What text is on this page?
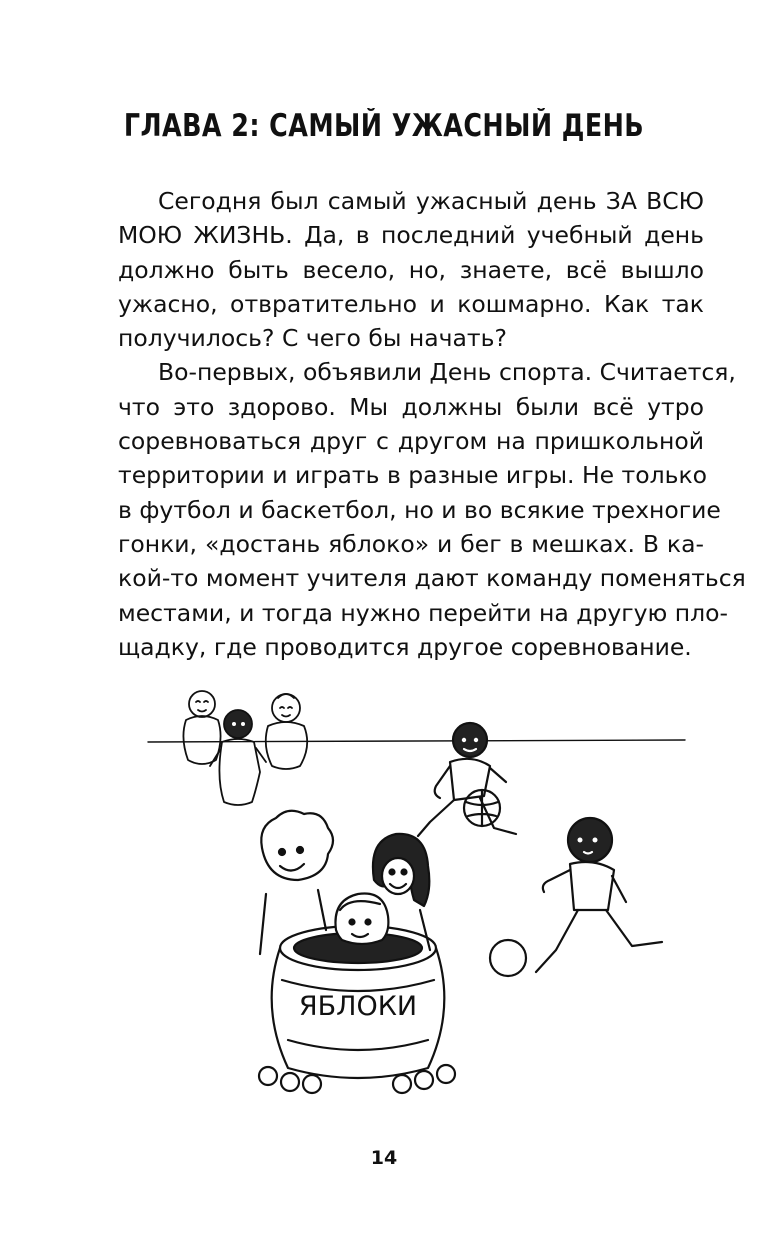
ГЛАВА 2: САМЫЙ УЖАСНЫЙ ДЕНЬ
Сегодня был самый ужасный день ЗА ВСЮ
МОЮ ЖИЗНЬ. Да, в последний учебный день
должно быть весело, но, знаете, всё вышло
ужасно, отвратительно и кошмарно. Как так
получилось? С чего бы начать?
Во-первых, объявили День спорта. Считается,
что это здорово. Мы должны были всё утро
соревноваться друг с другом на пришкольной
территории и играть в разные игры. Не только
в футбол и баскетбол, но и во всякие трехногие
гонки, «достань яблоко» и бег в мешках. В ка-
кой-то момент учителя дают команду поменяться
местами, и тогда нужно перейти на другую пло-
щадку, где проводится другое соревнование.
ЯБЛОКИ
14
